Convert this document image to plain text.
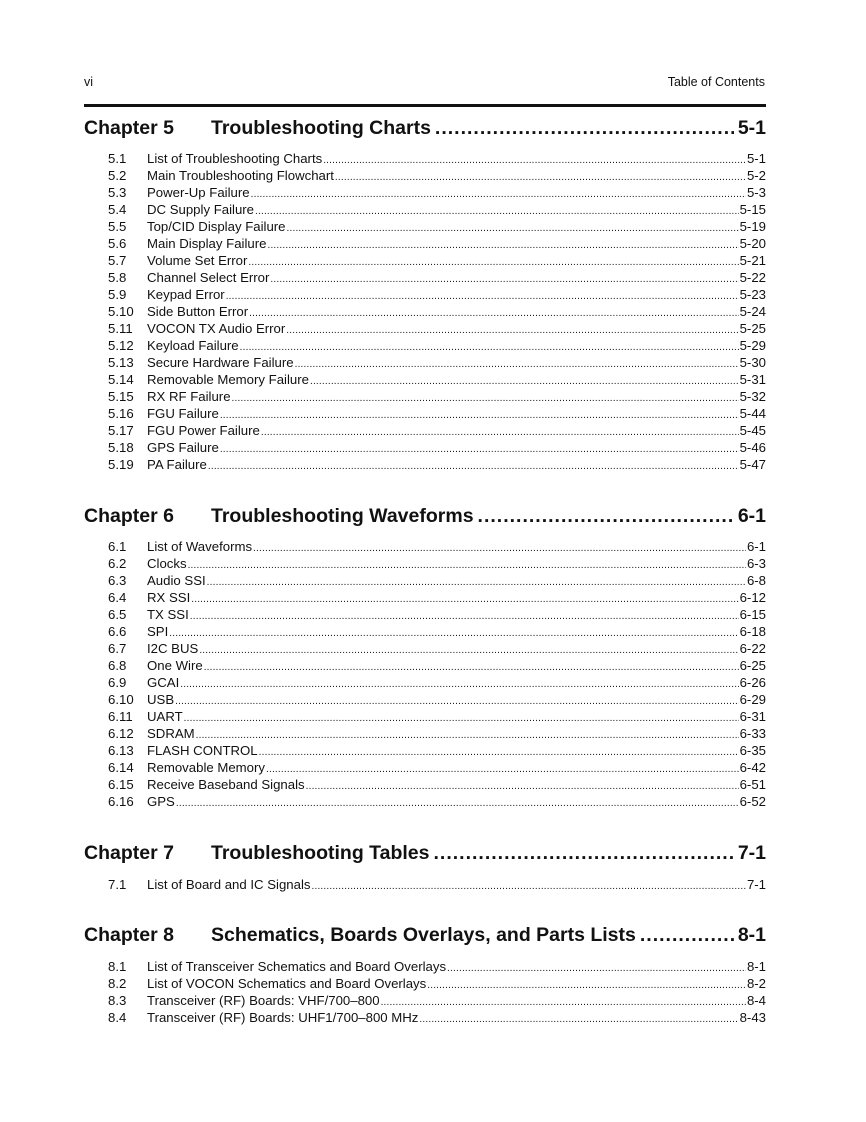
vi	Table of Contents
Chapter 5	Troubleshooting Charts .....	5-1
5.1	List of Troubleshooting Charts .....	5-1
5.2	Main Troubleshooting Flowchart .....	5-2
5.3	Power-Up Failure .....	5-3
5.4	DC Supply Failure .....	5-15
5.5	Top/CID Display Failure .....	5-19
5.6	Main Display Failure .....	5-20
5.7	Volume Set Error .....	5-21
5.8	Channel Select Error .....	5-22
5.9	Keypad Error .....	5-23
5.10	Side Button Error .....	5-24
5.11	VOCON TX Audio Error .....	5-25
5.12	Keyload Failure .....	5-29
5.13	Secure Hardware Failure .....	5-30
5.14	Removable Memory Failure .....	5-31
5.15	RX RF Failure .....	5-32
5.16	FGU Failure .....	5-44
5.17	FGU Power Failure .....	5-45
5.18	GPS Failure .....	5-46
5.19	PA Failure .....	5-47
Chapter 6	Troubleshooting Waveforms .....	6-1
6.1	List of Waveforms .....	6-1
6.2	Clocks .....	6-3
6.3	Audio SSI .....	6-8
6.4	RX SSI .....	6-12
6.5	TX SSI .....	6-15
6.6	SPI .....	6-18
6.7	I2C BUS .....	6-22
6.8	One Wire .....	6-25
6.9	GCAI .....	6-26
6.10	USB .....	6-29
6.11	UART .....	6-31
6.12	SDRAM .....	6-33
6.13	FLASH CONTROL .....	6-35
6.14	Removable Memory .....	6-42
6.15	Receive Baseband Signals .....	6-51
6.16	GPS .....	6-52
Chapter 7	Troubleshooting Tables .....	7-1
7.1	List of Board and IC Signals .....	7-1
Chapter 8	Schematics, Boards Overlays, and Parts Lists .....	8-1
8.1	List of Transceiver Schematics and Board Overlays .....	8-1
8.2	List of VOCON Schematics and Board Overlays .....	8-2
8.3	Transceiver (RF) Boards: VHF/700–800 .....	8-4
8.4	Transceiver (RF) Boards: UHF1/700–800 MHz .....	8-43
